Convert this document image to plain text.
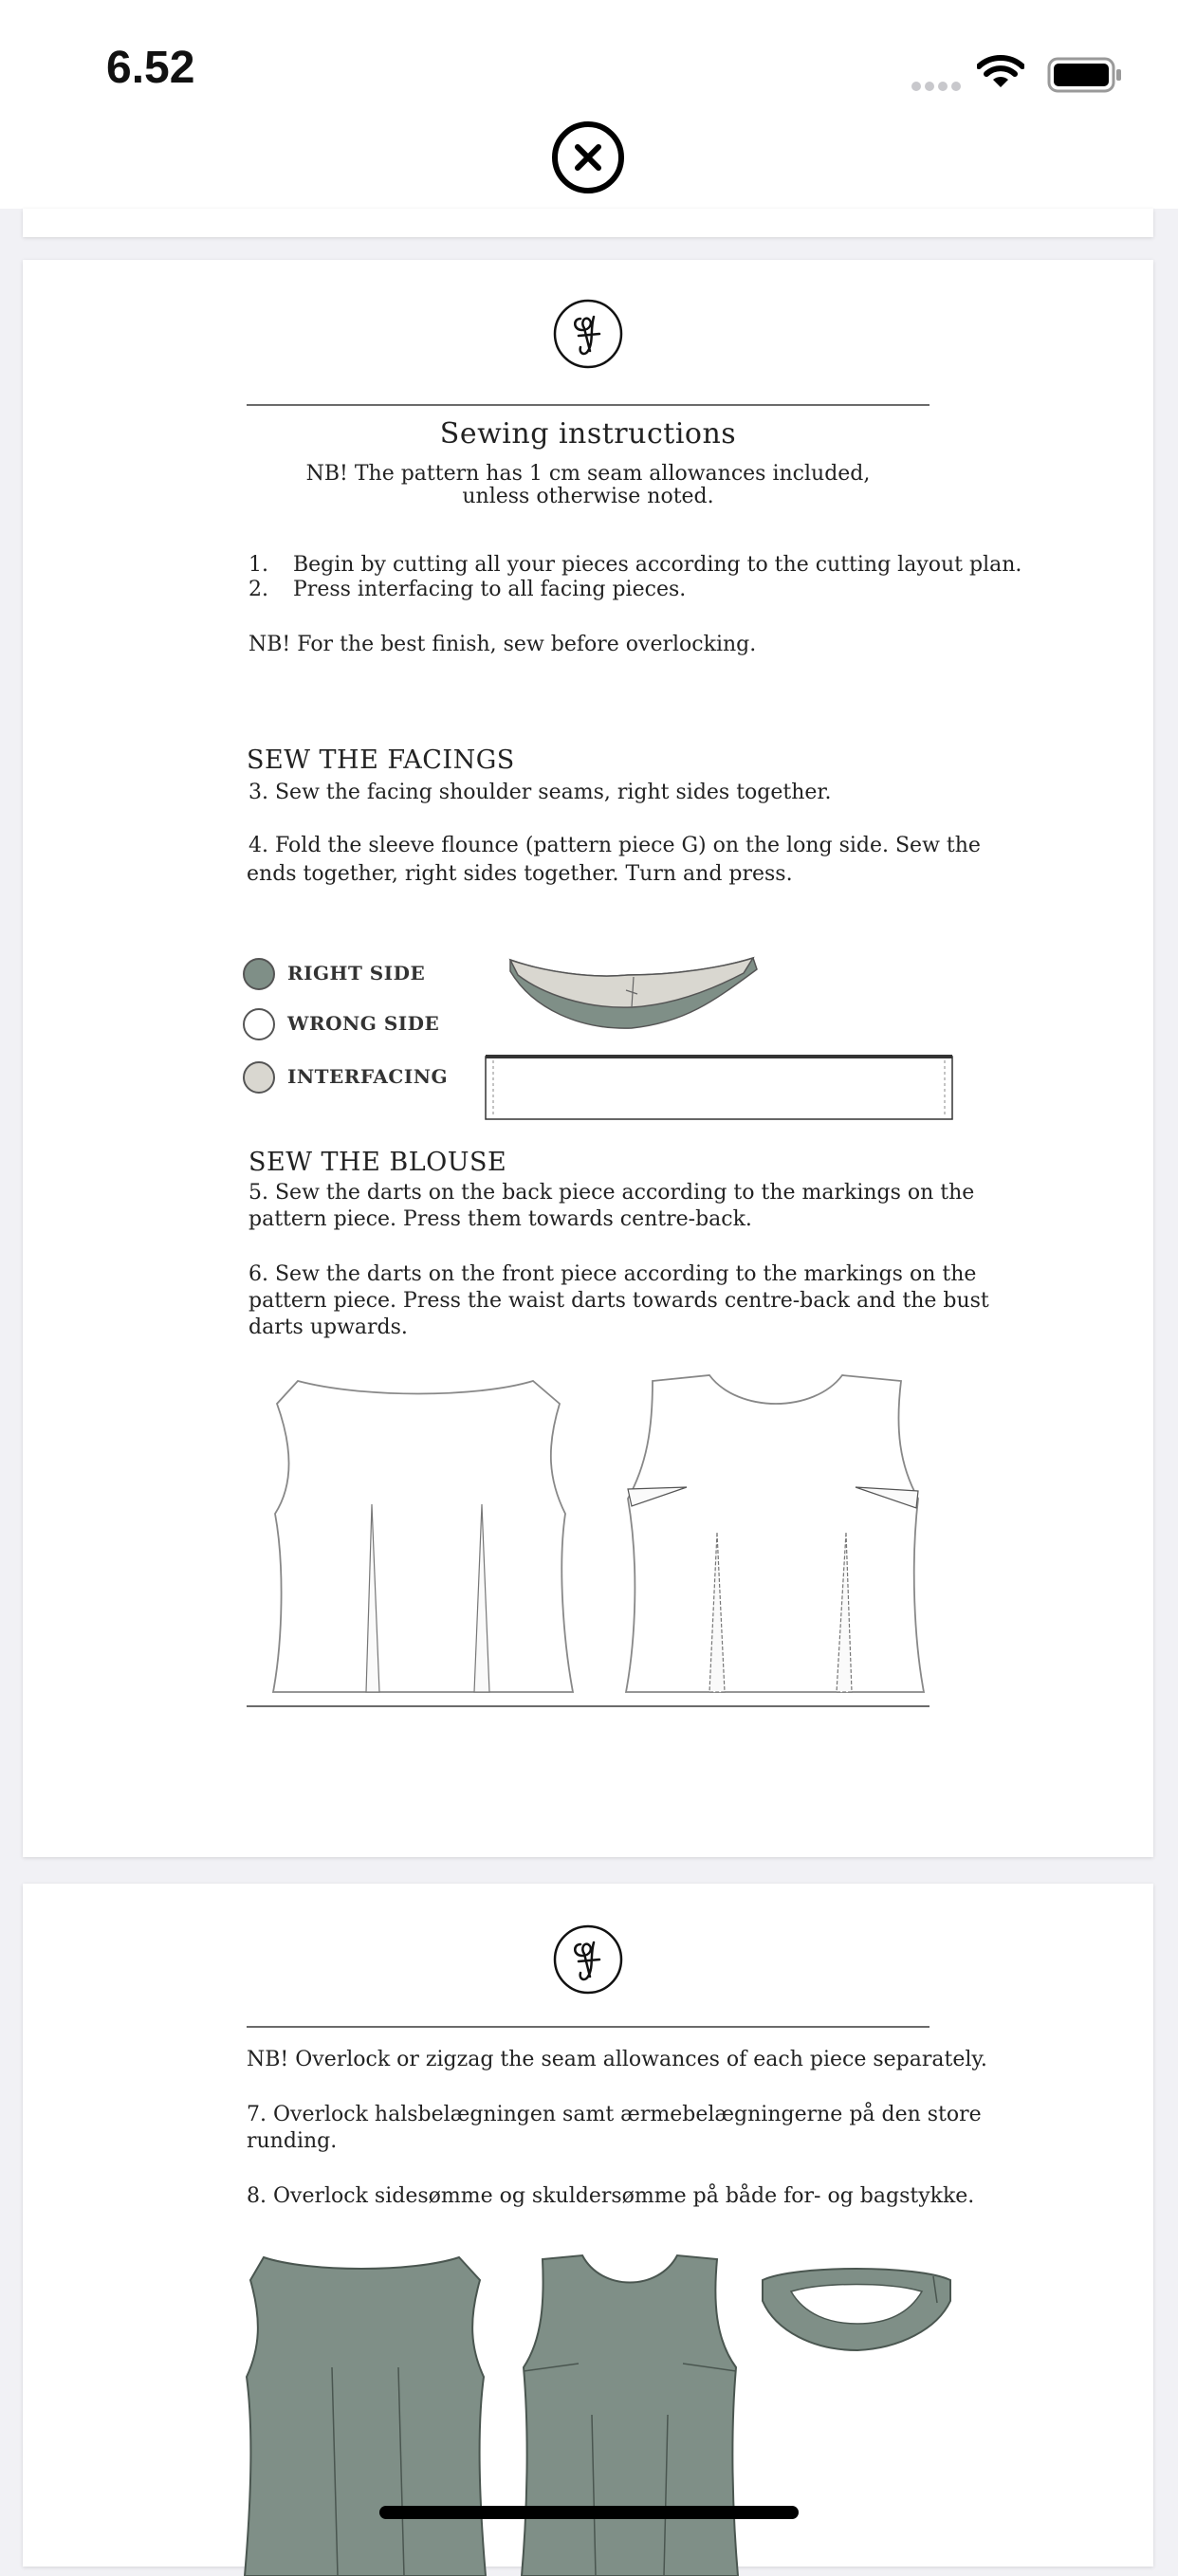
6.52
Sewing instructions
NB! The pattern has 1 cm seam allowances included,
unless otherwise noted.
1. Begin by cutting all your pieces according to the cutting layout plan.
2. Press interfacing to all facing pieces.
NB! For the best finish, sew before overlocking.
SEW THE FACINGS
3. Sew the facing shoulder seams, right sides together.
4. Fold the sleeve flounce (pattern piece G) on the long side. Sew the
ends together, right sides together. Turn and press.
RIGHT SIDE
WRONG SIDE
INTERFACING
SEW THE BLOUSE
5. Sew the darts on the back piece according to the markings on the
pattern piece. Press them towards centre-back.
6. Sew the darts on the front piece according to the markings on the
pattern piece. Press the waist darts towards centre-back and the bust
darts upwards.
NB! Overlock or zigzag the seam allowances of each piece separately.
7. Overlock halsbelægningen samt ærmebelægningerne på den store
runding.
8. Overlock sidesømme og skuldersømme på både for- og bagstykke.
